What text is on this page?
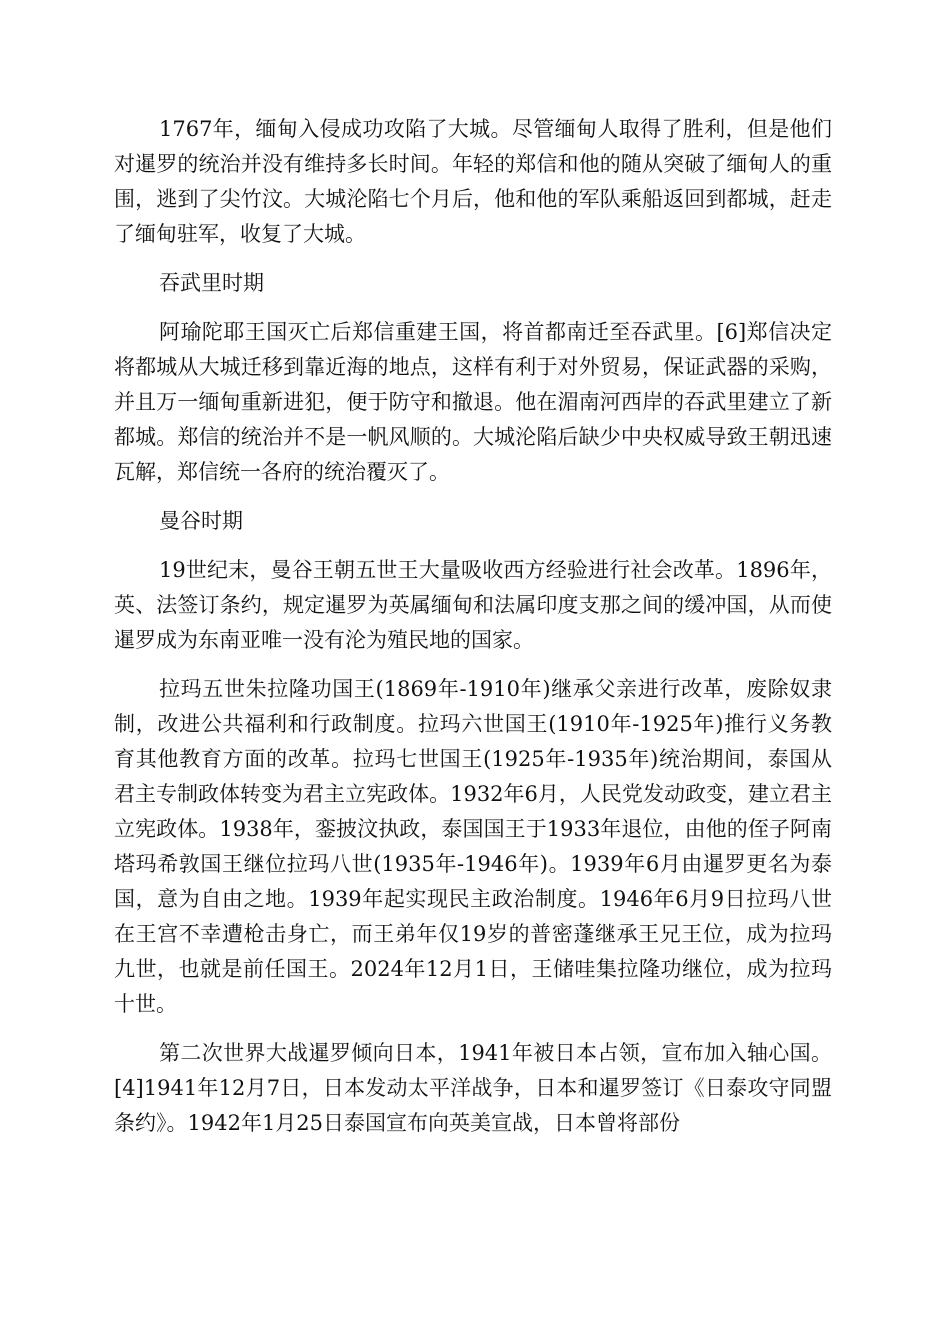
1767年，缅甸入侵成功攻陷了大城。尽管缅甸人取得了胜利，但是他们对暹罗的统治并没有维持多长时间。年轻的郑信和他的随从突破了缅甸人的重围，逃到了尖竹汶。大城沦陷七个月后，他和他的军队乘船返回到都城，赶走了缅甸驻军，收复了大城。

吞武里时期

阿瑜陀耶王国灭亡后郑信重建王国，将首都南迁至吞武里。[6]郑信决定将都城从大城迁移到靠近海的地点，这样有利于对外贸易，保证武器的采购，并且万一缅甸重新进犯，便于防守和撤退。他在湄南河西岸的吞武里建立了新都城。郑信的统治并不是一帆风顺的。大城沦陷后缺少中央权威导致王朝迅速瓦解，郑信统一各府的统治覆灭了。

曼谷时期

19世纪末，曼谷王朝五世王大量吸收西方经验进行社会改革。1896年，英、法签订条约，规定暹罗为英属缅甸和法属印度支那之间的缓冲国，从而使暹罗成为东南亚唯一没有沦为殖民地的国家。

拉玛五世朱拉隆功国王(1869年-1910年)继承父亲进行改革，废除奴隶制，改进公共福利和行政制度。拉玛六世国王(1910年-1925年)推行义务教育其他教育方面的改革。拉玛七世国王(1925年-1935年)统治期间，泰国从君主专制政体转变为君主立宪政体。1932年6月，人民党发动政变，建立君主立宪政体。1938年，銮披汶执政，泰国国王于1933年退位，由他的侄子阿南塔玛希敦国王继位拉玛八世(1935年-1946年)。1939年6月由暹罗更名为泰国，意为自由之地。1939年起实现民主政治制度。1946年6月9日拉玛八世在王宫不幸遭枪击身亡，而王弟年仅19岁的普密蓬继承王兄王位，成为拉玛九世，也就是前任国王。2024年12月1日，王储哇集拉隆功继位，成为拉玛十世。

第二次世界大战暹罗倾向日本，1941年被日本占领，宣布加入轴心国。[4]1941年12月7日，日本发动太平洋战争，日本和暹罗签订《日泰攻守同盟条约》。1942年1月25日泰国宣布向英美宣战，日本曾将部份
